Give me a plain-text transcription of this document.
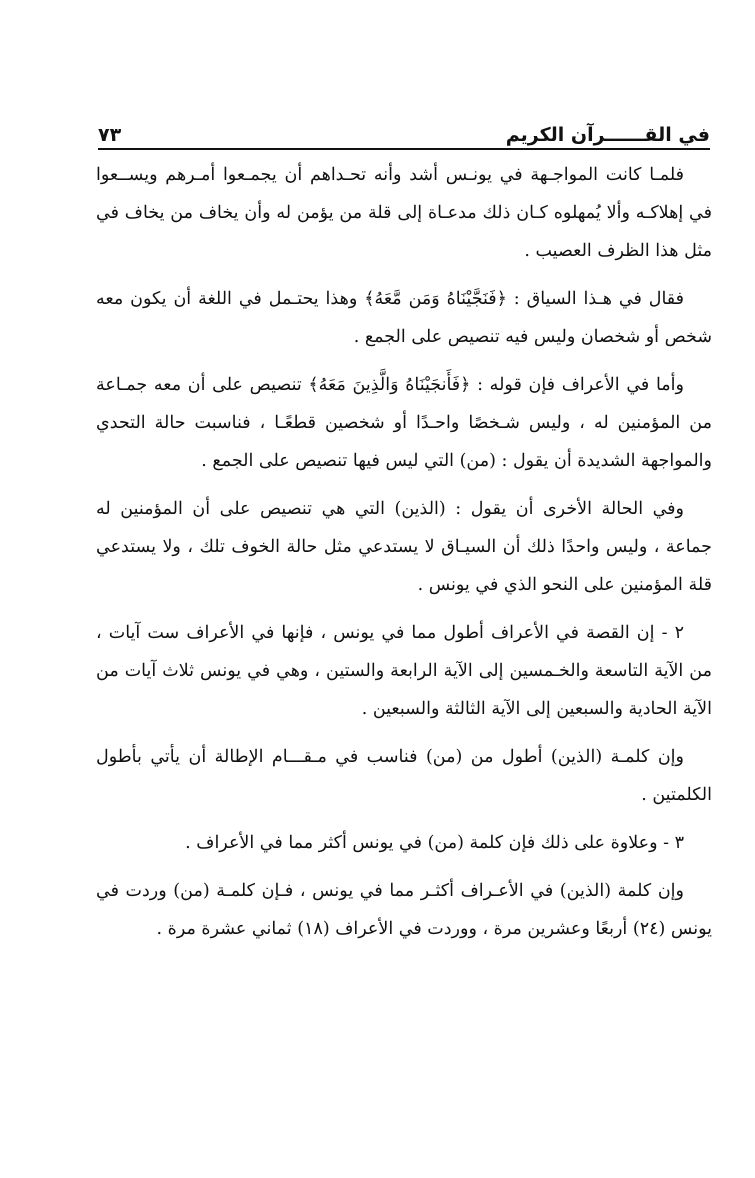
في القــــــرآن الكريم
٧٣

فلمـا كانت المواجـهة في يونـس أشد وأنه تحـداهم أن يجمـعوا أمـرهم ويســعوا في إهلاكـه وألا يُمهلوه كـان ذلك مدعـاة إلى قلة من يؤمن له وأن يخاف من يخاف في مثل هذا الظرف العصيب .

فقال في هـذا السياق : ﴿فَنَجَّيْنَاهُ وَمَن مَّعَهُ﴾ وهذا يحتـمل في اللغة أن يكون معه شخص أو شخصان وليس فيه تنصيص على الجمع .

وأما في الأعراف فإن قوله : ﴿فَأَنجَيْنَاهُ وَالَّذِينَ مَعَهُ﴾ تنصيص على أن معه جمـاعة من المؤمنين له ، وليس شـخصًا واحـدًا أو شخصين قطعًـا ، فناسبت حالة التحدي والمواجهة الشديدة أن يقول : (من) التي ليس فيها تنصيص على الجمع .

وفي الحالة الأخرى أن يقول : (الذين) التي هي تنصيص على أن المؤمنين له جماعة ، وليس واحدًا ذلك أن السيـاق لا يستدعي مثل حالة الخوف تلك ، ولا يستدعي قلة المؤمنين على النحو الذي في يونس .

٢ - إن القصة في الأعراف أطول مما في يونس ، فإنها في الأعراف ست آيات ، من الآية التاسعة والخـمسين إلى الآية الرابعة والستين ، وهي في يونس ثلاث آيات من الآية الحادية والسبعين إلى الآية الثالثة والسبعين .

وإن كلمـة (الذين) أطول من (من) فناسب في مـقـــام الإطالة أن يأتي بأطول الكلمتين .

٣ - وعلاوة على ذلك فإن كلمة (من) في يونس أكثر مما في الأعراف .

وإن كلمة (الذين) في الأعـراف أكثـر مما في يونس ، فـإن كلمـة (من) وردت في يونس (٢٤) أربعًا وعشرين مرة ، ووردت في الأعراف (١٨) ثماني عشرة مرة .
